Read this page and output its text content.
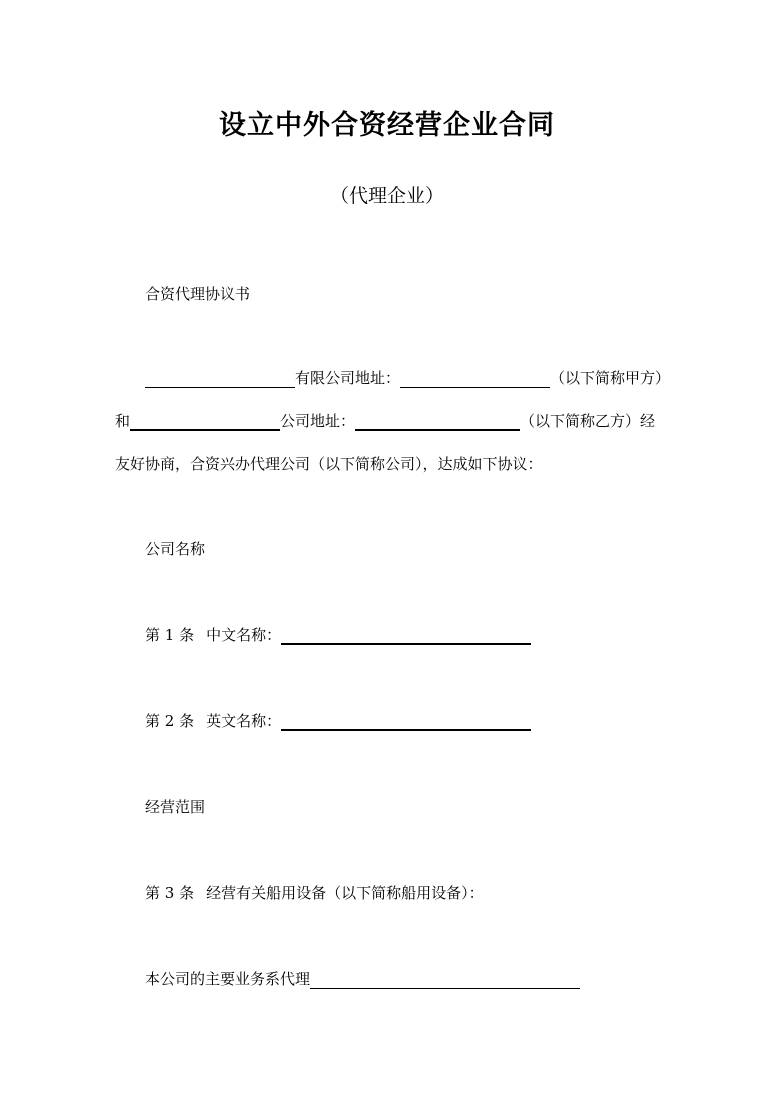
设立中外合资经营企业合同
（代理企业）
合资代理协议书
有限公司地址：	（以下简称甲方）
和	公司地址：	（以下简称乙方）经
友好协商，合资兴办代理公司（以下简称公司），达成如下协议：
公司名称
第 1 条 中文名称：
第 2 条 英文名称：
经营范围
第 3 条 经营有关船用设备（以下简称船用设备）：
本公司的主要业务系代理
